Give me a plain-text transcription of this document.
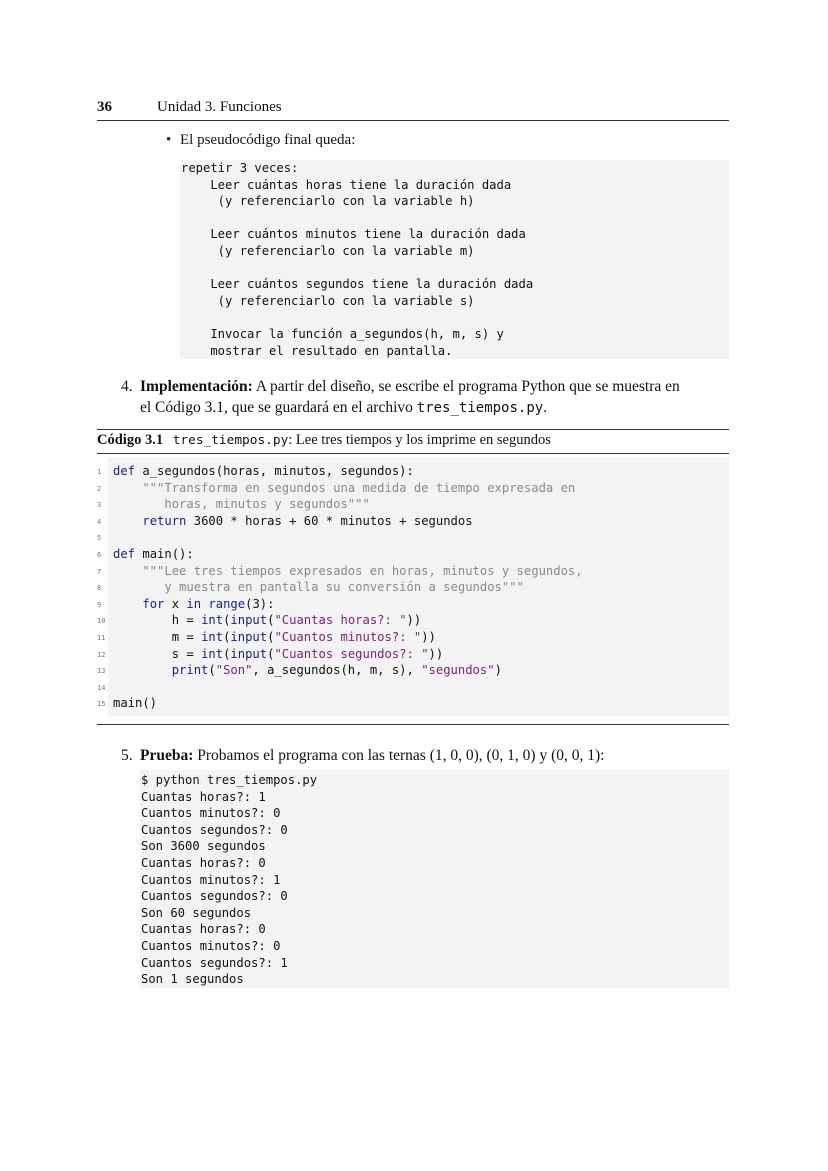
36	Unidad 3. Funciones
• El pseudocódigo final queda:
repetir 3 veces:
Leer cuántas horas tiene la duración dada
(y referenciarlo con la variable h)
Leer cuántos minutos tiene la duración dada
(y referenciarlo con la variable m)
Leer cuántos segundos tiene la duración dada
(y referenciarlo con la variable s)
Invocar la función a_segundos(h, m, s) y
mostrar el resultado en pantalla.
4. Implementación: A partir del diseño, se escribe el programa Python que se muestra en
el Código 3.1, que se guardará en el archivo tres_tiempos.py.
Código 3.1 tres_tiempos.py: Lee tres tiempos y los imprime en segundos
1 def a_segundos(horas, minutos, segundos):
2 """Transforma en segundos una medida de tiempo expresada en
3 horas, minutos y segundos"""
4	return 3600 * horas + 60 * minutos + segundos
5
6 def main():
7 """Lee tres tiempos expresados en horas, minutos y segundos,
8 y muestra en pantalla su conversión a segundos"""
9	for x in range(3):
10 h = int(input("Cuantas horas?: "))
11 m = int(input("Cuantos minutos?: "))
12 s = int(input("Cuantos segundos?: "))
13	print("Son", a_segundos(h, m, s), "segundos")
14
15 main()
5. Prueba: Probamos el programa con las ternas (1, 0, 0), (0, 1, 0) y (0, 0, 1):
$ python tres_tiempos.py
Cuantas horas?: 1
Cuantos minutos?: 0
Cuantos segundos?: 0
Son 3600 segundos
Cuantas horas?: 0
Cuantos minutos?: 1
Cuantos segundos?: 0
Son 60 segundos
Cuantas horas?: 0
Cuantos minutos?: 0
Cuantos segundos?: 1
Son 1 segundos
